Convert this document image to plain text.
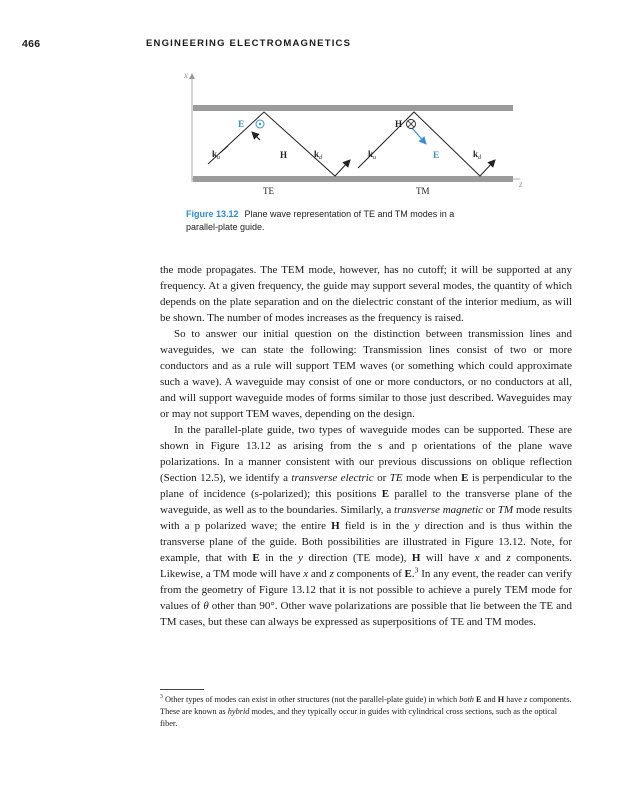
466	ENGINEERING ELECTROMAGNETICS
x
z
E
$k_u$	H	$k_d$
H
$k_u$	E	$k_d$
TE	TM
Figure 13.12 Plane wave representation of TE and TM modes in a
parallel-plate guide.

the mode propagates. The TEM mode, however, has no cutoff; it will be supported at any frequency. At a given frequency, the guide may support several modes, the quantity of which depends on the plate separation and on the dielectric constant of the interior medium, as will be shown. The number of modes increases as the frequency is raised.

So to answer our initial question on the distinction between transmission lines and waveguides, we can state the following: Transmission lines consist of two or more conductors and as a rule will support TEM waves (or something which could approximate such a wave). A waveguide may consist of one or more conductors, or no conductors at all, and will support waveguide modes of forms similar to those just described. Waveguides may or may not support TEM waves, depending on the design.

In the parallel-plate guide, two types of waveguide modes can be supported. These are shown in Figure 13.12 as arising from the s and p orientations of the plane wave polarizations. In a manner consistent with our previous discussions on oblique reflection (Section 12.5), we identify a transverse electric or TE mode when E is perpendicular to the plane of incidence (s-polarized); this positions E parallel to the transverse plane of the waveguide, as well as to the boundaries. Similarly, a transverse magnetic or TM mode results with a p polarized wave; the entire H field is in the y direction and is thus within the transverse plane of the guide. Both possibilities are illustrated in Figure 13.12. Note, for example, that with E in the y direction (TE mode), H will have x and z components. Likewise, a TM mode will have x and z components of E.$^3$ In any event, the reader can verify from the geometry of Figure 13.12 that it is not possible to achieve a purely TEM mode for values of θ other than 90°. Other wave polarizations are possible that lie between the TE and TM cases, but these can always be expressed as superpositions of TE and TM modes.

$^3$ Other types of modes can exist in other structures (not the parallel-plate guide) in which both E and H have z components. These are known as hybrid modes, and they typically occur in guides with cylindrical cross sections, such as the optical fiber.
